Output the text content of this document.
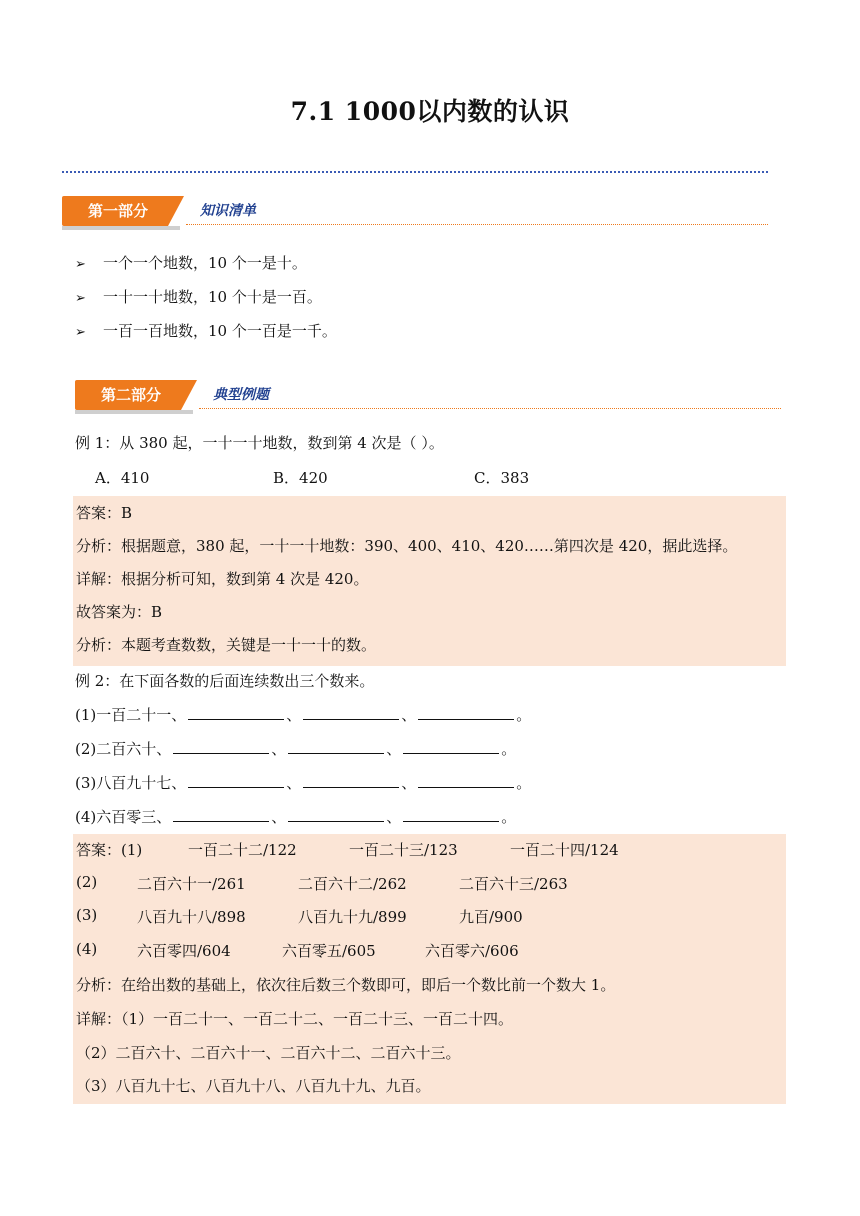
7.1 1000以内数的认识
第一部分	知识清单
➢ 一个一个地数，10 个一是十。
➢ 一十一十地数，10 个十是一百。
➢ 一百一百地数，10 个一百是一千。
第二部分	典型例题
例 1：从 380 起，一十一十地数，数到第 4 次是（ ）。
A．410	B．420	C．383
答案：B
分析：根据题意，380 起，一十一十地数：390、400、410、420……第四次是 420，据此选择。
详解：根据分析可知，数到第 4 次是 420。
故答案为：B
分析：本题考查数数，关键是一十一十的数。
例 2：在下面各数的后面连续数出三个数来。
(1)一百二十一、	、	、	。
(2)二百六十、	、	、	。
(3)八百九十七、	、	、	。
(4)六百零三、	、	、	。
答案：(1)	一百二十二/122	一百二十三/123	一百二十四/124
(2)	二百六十一/261	二百六十二/262	二百六十三/263
(3)	八百九十八/898	八百九十九/899	九百/900
(4)	六百零四/604	六百零五/605	六百零六/606
分析：在给出数的基础上，依次往后数三个数即可，即后一个数比前一个数大 1。
详解：（1）一百二十一、一百二十二、一百二十三、一百二十四。
（2）二百六十、二百六十一、二百六十二、二百六十三。
（3）八百九十七、八百九十八、八百九十九、九百。
